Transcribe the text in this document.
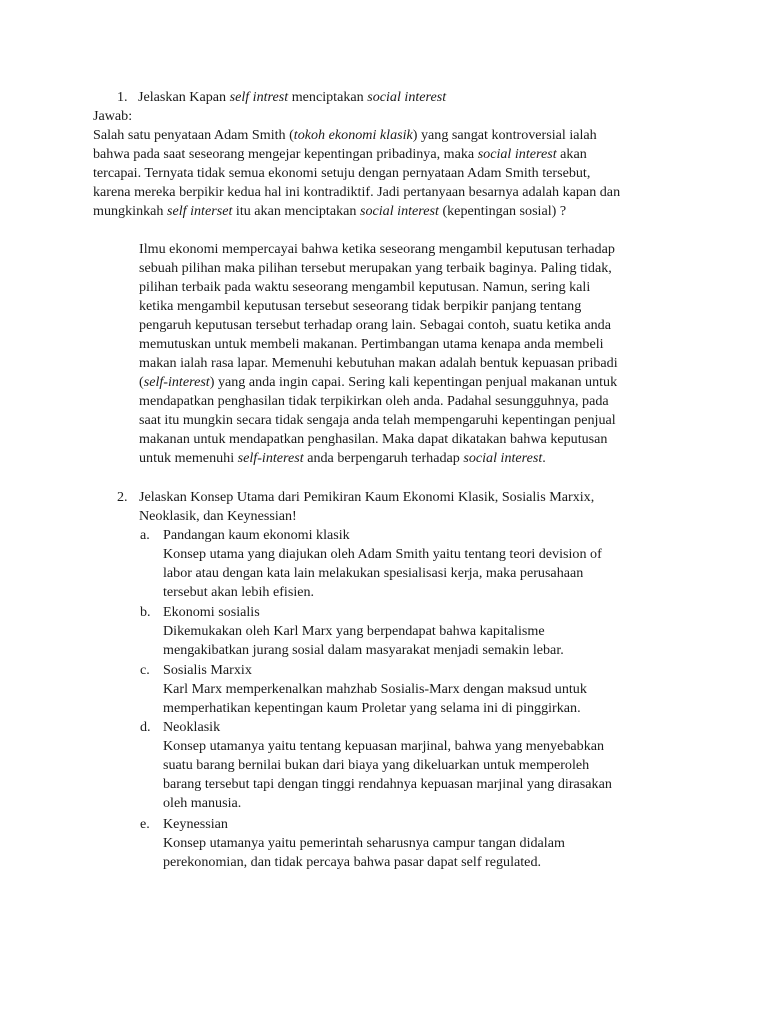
1. Jelaskan Kapan self intrest menciptakan social interest
Jawab:
Salah satu penyataan Adam Smith (tokoh ekonomi klasik) yang sangat kontroversial ialah
bahwa pada saat seseorang mengejar kepentingan pribadinya, maka social interest akan
tercapai. Ternyata tidak semua ekonomi setuju dengan pernyataan Adam Smith tersebut,
karena mereka berpikir kedua hal ini kontradiktif. Jadi pertanyaan besarnya adalah kapan dan
mungkinkah self interset itu akan menciptakan social interest (kepentingan sosial) ?
Ilmu ekonomi mempercayai bahwa ketika seseorang mengambil keputusan terhadap
sebuah pilihan maka pilihan tersebut merupakan yang terbaik baginya. Paling tidak,
pilihan terbaik pada waktu seseorang mengambil keputusan. Namun, sering kali
ketika mengambil keputusan tersebut seseorang tidak berpikir panjang tentang
pengaruh keputusan tersebut terhadap orang lain. Sebagai contoh, suatu ketika anda
memutuskan untuk membeli makanan. Pertimbangan utama kenapa anda membeli
makan ialah rasa lapar. Memenuhi kebutuhan makan adalah bentuk kepuasan pribadi
(self-interest) yang anda ingin capai. Sering kali kepentingan penjual makanan untuk
mendapatkan penghasilan tidak terpikirkan oleh anda. Padahal sesungguhnya, pada
saat itu mungkin secara tidak sengaja anda telah mempengaruhi kepentingan penjual
makanan untuk mendapatkan penghasilan. Maka dapat dikatakan bahwa keputusan
untuk memenuhi self-interest anda berpengaruh terhadap social interest.
2. Jelaskan Konsep Utama dari Pemikiran Kaum Ekonomi Klasik, Sosialis Marxix,
Neoklasik, dan Keynessian!
a. Pandangan kaum ekonomi klasik
Konsep utama yang diajukan oleh Adam Smith yaitu tentang teori devision of
labor atau dengan kata lain melakukan spesialisasi kerja, maka perusahaan
tersebut akan lebih efisien.
b. Ekonomi sosialis
Dikemukakan oleh Karl Marx yang berpendapat bahwa kapitalisme
mengakibatkan jurang sosial dalam masyarakat menjadi semakin lebar.
c. Sosialis Marxix
Karl Marx memperkenalkan mahzhab Sosialis-Marx dengan maksud untuk
memperhatikan kepentingan kaum Proletar yang selama ini di pinggirkan.
d. Neoklasik
Konsep utamanya yaitu tentang kepuasan marjinal, bahwa yang menyebabkan
suatu barang bernilai bukan dari biaya yang dikeluarkan untuk memperoleh
barang tersebut tapi dengan tinggi rendahnya kepuasan marjinal yang dirasakan
oleh manusia.
e. Keynessian
Konsep utamanya yaitu pemerintah seharusnya campur tangan didalam
perekonomian, dan tidak percaya bahwa pasar dapat self regulated.
